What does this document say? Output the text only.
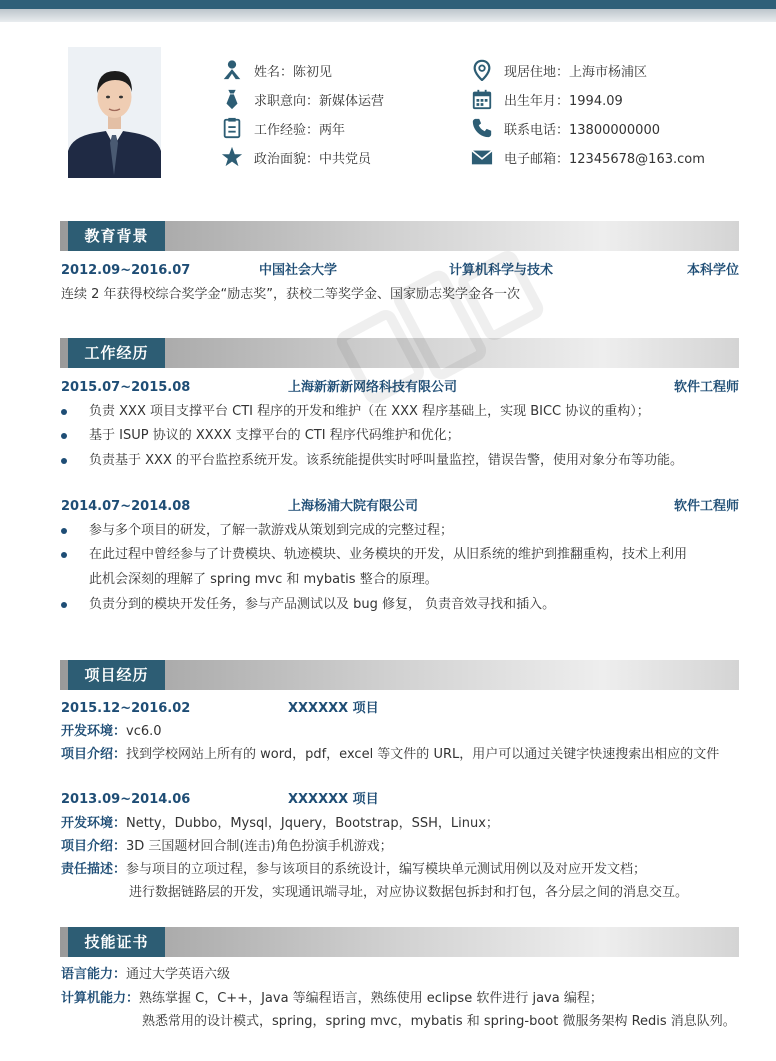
姓名：陈初见
求职意向：新媒体运营
工作经验：两年
政治面貌：中共党员
现居住地：上海市杨浦区
出生年月：1994.09
联系电话：13800000000
电子邮箱：12345678@163.com
教育背景
2012.09~2016.07	中国社会大学	计算机科学与技术	本科学位
连续 2 年获得校综合奖学金“励志奖”，获校二等奖学金、国家励志奖学金各一次
工作经历
2015.07~2015.08	上海新新新网络科技有限公司	软件工程师
负责 XXX 项目支撑平台 CTI 程序的开发和维护（在 XXX 程序基础上，实现 BICC 协议的重构）；
基于 ISUP 协议的 XXXX 支撑平台的 CTI 程序代码维护和优化；
负责基于 XXX 的平台监控系统开发。该系统能提供实时呼叫量监控，错误告警，使用对象分布等功能。
2014.07~2014.08	上海杨浦大院有限公司	软件工程师
参与多个项目的研发，了解一款游戏从策划到完成的完整过程；
在此过程中曾经参与了计费模块、轨迹模块、业务模块的开发，从旧系统的维护到推翻重构，技术上利用
此机会深刻的理解了 spring mvc 和 mybatis 整合的原理。
负责分到的模块开发任务，参与产品测试以及 bug 修复， 负责音效寻找和插入。
项目经历
2015.12~2016.02	XXXXXX 项目
开发环境：vc6.0
项目介绍：找到学校网站上所有的 word，pdf，excel 等文件的 URL，用户可以通过关键字快速搜索出相应的文件
2013.09~2014.06	XXXXXX 项目
开发环境：Netty，Dubbo，Mysql，Jquery，Bootstrap，SSH，Linux；
项目介绍：3D 三国题材回合制(连击)角色扮演手机游戏；
责任描述：参与项目的立项过程，参与该项目的系统设计，编写模块单元测试用例以及对应开发文档；
进行数据链路层的开发，实现通讯端寻址，对应协议数据包拆封和打包，各分层之间的消息交互。
技能证书
语言能力：通过大学英语六级
计算机能力：熟练掌握 C，C++，Java 等编程语言，熟练使用 eclipse 软件进行 java 编程；
熟悉常用的设计模式，spring，spring mvc，mybatis 和 spring-boot 微服务架构 Redis 消息队列。
